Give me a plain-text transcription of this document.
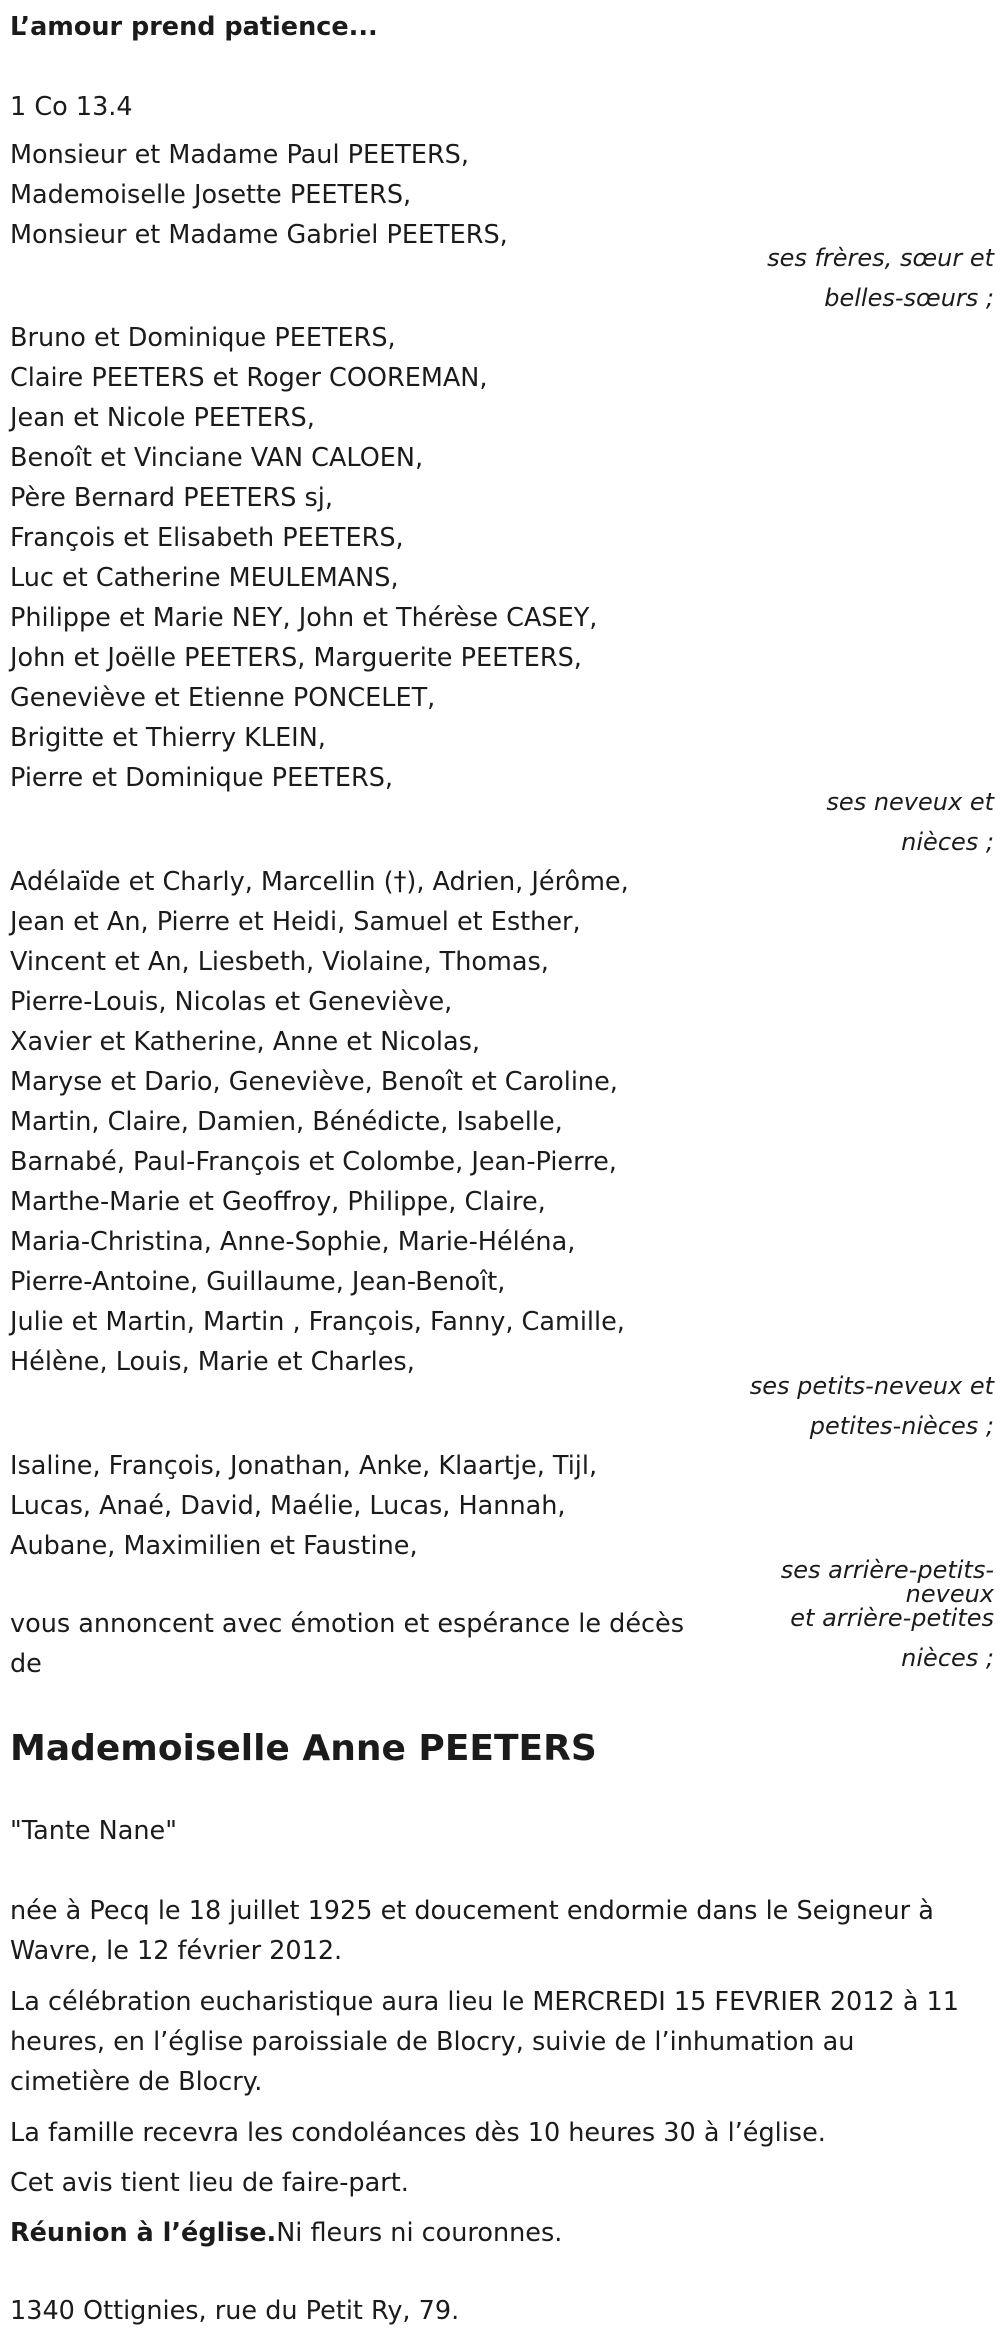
L’amour prend patience...

1 Co 13.4

Monsieur et Madame Paul PEETERS,
Mademoiselle Josette PEETERS,
Monsieur et Madame Gabriel PEETERS,
ses frères, sœur et
belles-sœurs ;
Bruno et Dominique PEETERS,
Claire PEETERS et Roger COOREMAN,
Jean et Nicole PEETERS,
Benoît et Vinciane VAN CALOEN,
Père Bernard PEETERS sj,
François et Elisabeth PEETERS,
Luc et Catherine MEULEMANS,
Philippe et Marie NEY, John et Thérèse CASEY,
John et Joëlle PEETERS, Marguerite PEETERS,
Geneviève et Etienne PONCELET,
Brigitte et Thierry KLEIN,
Pierre et Dominique PEETERS,
ses neveux et
nièces ;
Adélaïde et Charly, Marcellin (†), Adrien, Jérôme,
Jean et An, Pierre et Heidi, Samuel et Esther,
Vincent et An, Liesbeth, Violaine, Thomas,
Pierre-Louis, Nicolas et Geneviève,
Xavier et Katherine, Anne et Nicolas,
Maryse et Dario, Geneviève, Benoît et Caroline,
Martin, Claire, Damien, Bénédicte, Isabelle,
Barnabé, Paul-François et Colombe, Jean-Pierre,
Marthe-Marie et Geoffroy, Philippe, Claire,
Maria-Christina, Anne-Sophie, Marie-Héléna,
Pierre-Antoine, Guillaume, Jean-Benoît,
Julie et Martin, Martin , François, Fanny, Camille,
Hélène, Louis, Marie et Charles,
ses petits-neveux et
petites-nièces ;
Isaline, François, Jonathan, Anke, Klaartje, Tijl,
Lucas, Anaé, David, Maélie, Lucas, Hannah,
Aubane, Maximilien et Faustine,
vous annoncent avec émotion et espérance le décès
de
ses arrière-petits-
neveux
et arrière-petites
nièces ;
Mademoiselle Anne PEETERS

"Tante Nane"

née à Pecq le 18 juillet 1925 et doucement endormie dans le Seigneur à
Wavre, le 12 février 2012.
La célébration eucharistique aura lieu le MERCREDI 15 FEVRIER 2012 à 11
heures, en l’église paroissiale de Blocry, suivie de l’inhumation au
cimetière de Blocry.

La famille recevra les condoléances dès 10 heures 30 à l’église.

Cet avis tient lieu de faire-part.

Réunion à l’église.Ni fleurs ni couronnes.

1340 Ottignies, rue du Petit Ry, 79.
